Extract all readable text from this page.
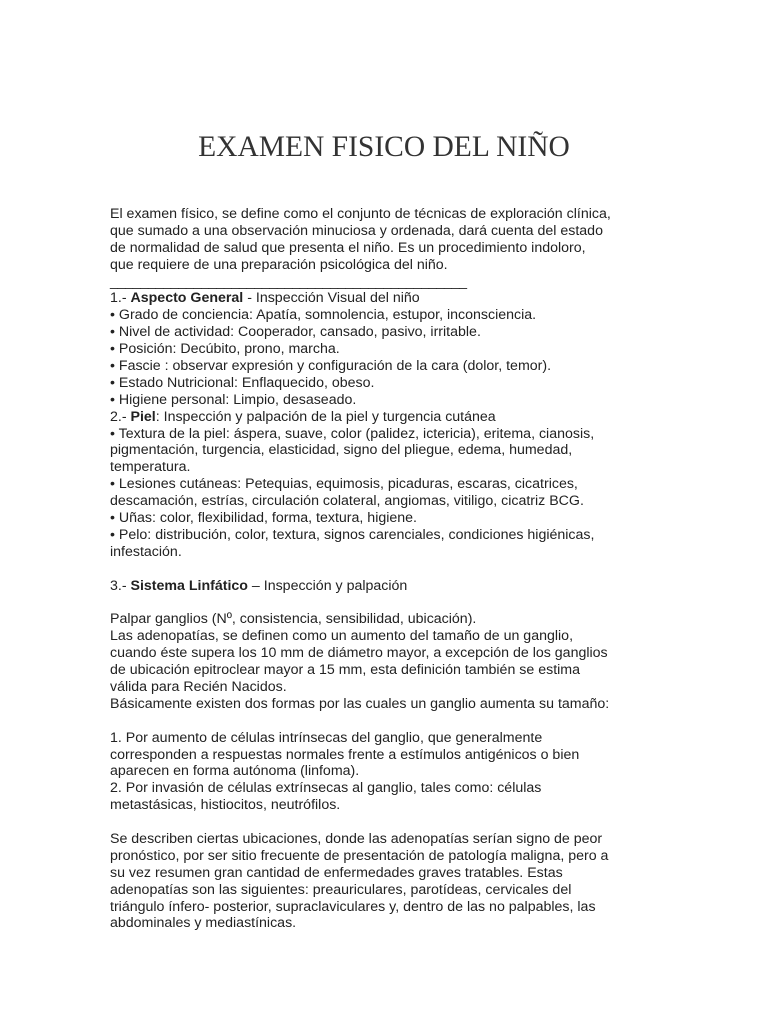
EXAMEN FISICO DEL NIÑO
El examen físico, se define como el conjunto de técnicas de exploración clínica,
que sumado a una observación minuciosa y ordenada, dará cuenta del estado
de normalidad de salud que presenta el niño. Es un procedimiento indoloro,
que requiere de una preparación psicológica del niño.
_______________________________________________
1.- Aspecto General - Inspección Visual del niño
• Grado de conciencia: Apatía, somnolencia, estupor, inconsciencia.
• Nivel de actividad: Cooperador, cansado, pasivo, irritable.
• Posición: Decúbito, prono, marcha.
• Fascie : observar expresión y configuración de la cara (dolor, temor).
• Estado Nutricional: Enflaquecido, obeso.
• Higiene personal: Limpio, desaseado.
2.- Piel: Inspección y palpación de la piel y turgencia cutánea
• Textura de la piel: áspera, suave, color (palidez, ictericia), eritema, cianosis,
pigmentación, turgencia, elasticidad, signo del pliegue, edema, humedad,
temperatura.
• Lesiones cutáneas: Petequias, equimosis, picaduras, escaras, cicatrices,
descamación, estrías, circulación colateral, angiomas, vitiligo, cicatriz BCG.
• Uñas: color, flexibilidad, forma, textura, higiene.
• Pelo: distribución, color, textura, signos carenciales, condiciones higiénicas,
infestación.
3.- Sistema Linfático – Inspección y palpación
Palpar ganglios (Nº, consistencia, sensibilidad, ubicación).
Las adenopatías, se definen como un aumento del tamaño de un ganglio,
cuando éste supera los 10 mm de diámetro mayor, a excepción de los ganglios
de ubicación epitroclear mayor a 15 mm, esta definición también se estima
válida para Recién Nacidos.
Básicamente existen dos formas por las cuales un ganglio aumenta su tamaño:
1. Por aumento de células intrínsecas del ganglio, que generalmente
corresponden a respuestas normales frente a estímulos antigénicos o bien
aparecen en forma autónoma (linfoma).
2. Por invasión de células extrínsecas al ganglio, tales como: células
metastásicas, histiocitos, neutrófilos.
Se describen ciertas ubicaciones, donde las adenopatías serían signo de peor
pronóstico, por ser sitio frecuente de presentación de patología maligna, pero a
su vez resumen gran cantidad de enfermedades graves tratables. Estas
adenopatías son las siguientes: preauriculares, parotídeas, cervicales del
triángulo ínfero- posterior, supraclaviculares y, dentro de las no palpables, las
abdominales y mediastínicas.
